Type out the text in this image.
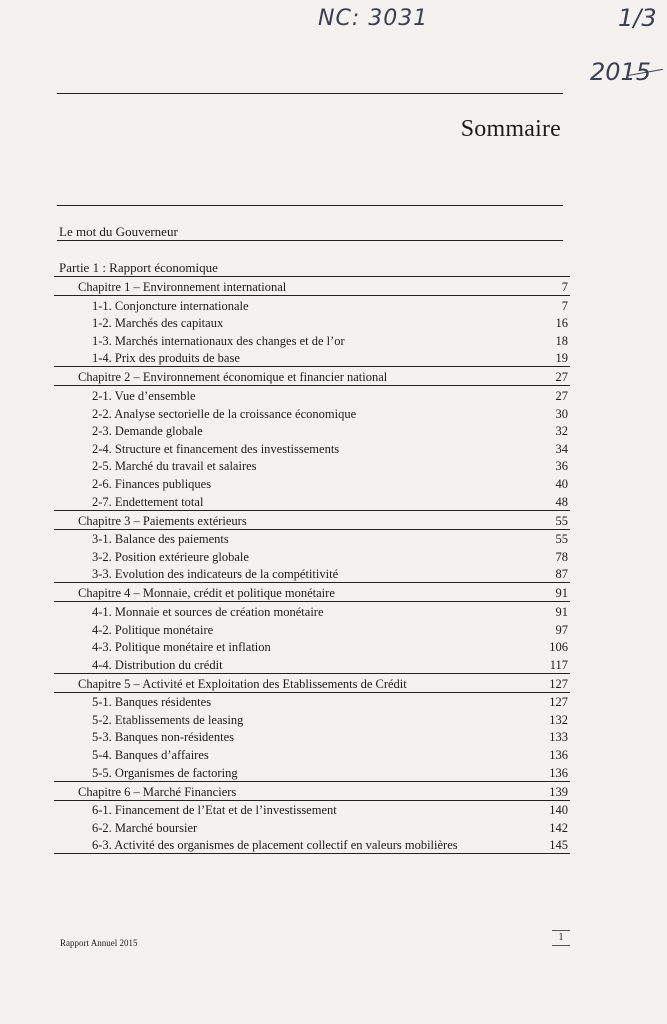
NC: 3031	1/3
2015
Sommaire
Le mot du Gouverneur
Partie 1 : Rapport économique
Chapitre 1 – Environnement international	7
1-1. Conjoncture internationale	7
1-2. Marchés des capitaux	16
1-3. Marchés internationaux des changes et de l’or	18
1-4. Prix des produits de base	19
Chapitre 2 – Environnement économique et financier national	27
2-1. Vue d’ensemble	27
2-2. Analyse sectorielle de la croissance économique	30
2-3. Demande globale	32
2-4. Structure et financement des investissements	34
2-5. Marché du travail et salaires	36
2-6. Finances publiques	40
2-7. Endettement total	48
Chapitre 3 – Paiements extérieurs	55
3-1. Balance des paiements	55
3-2. Position extérieure globale	78
3-3. Evolution des indicateurs de la compétitivité	87
Chapitre 4 – Monnaie, crédit et politique monétaire	91
4-1. Monnaie et sources de création monétaire	91
4-2. Politique monétaire	97
4-3. Politique monétaire et inflation	106
4-4. Distribution du crédit	117
Chapitre 5 – Activité et Exploitation des Etablissements de Crédit	127
5-1. Banques résidentes	127
5-2. Etablissements de leasing	132
5-3. Banques non-résidentes	133
5-4. Banques d’affaires	136
5-5. Organismes de factoring	136
Chapitre 6 – Marché Financiers	139
6-1. Financement de l’Etat et de l’investissement	140
6-2. Marché boursier	142
6-3. Activité des organismes de placement collectif en valeurs mobilières	145
Rapport Annuel 2015	1
